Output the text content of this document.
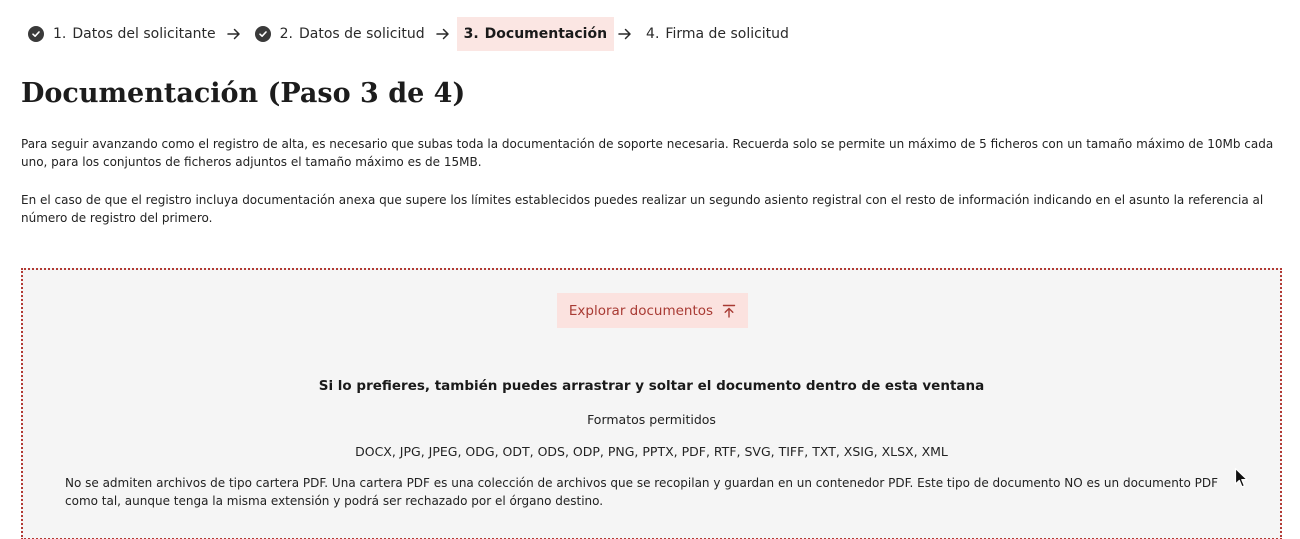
1. Datos del solicitante	2. Datos de solicitud	3. Documentación	4. Firma de solicitud
Documentación (Paso 3 de 4)

Para seguir avanzando como el registro de alta, es necesario que subas toda la documentación de soporte necesaria. Recuerda solo se permite un máximo de 5 ficheros con un tamaño máximo de 10Mb cada uno, para los conjuntos de ficheros adjuntos el tamaño máximo es de 15MB.

En el caso de que el registro incluya documentación anexa que supere los límites establecidos puedes realizar un segundo asiento registral con el resto de información indicando en el asunto la referencia al número de registro del primero.

Explorar documentos

Si lo prefieres, también puedes arrastrar y soltar el documento dentro de esta ventana

Formatos permitidos

DOCX, JPG, JPEG, ODG, ODT, ODS, ODP, PNG, PPTX, PDF, RTF, SVG, TIFF, TXT, XSIG, XLSX, XML

No se admiten archivos de tipo cartera PDF. Una cartera PDF es una colección de archivos que se recopilan y guardan en un contenedor PDF. Este tipo de documento NO es un documento PDF como tal, aunque tenga la misma extensión y podrá ser rechazado por el órgano destino.
